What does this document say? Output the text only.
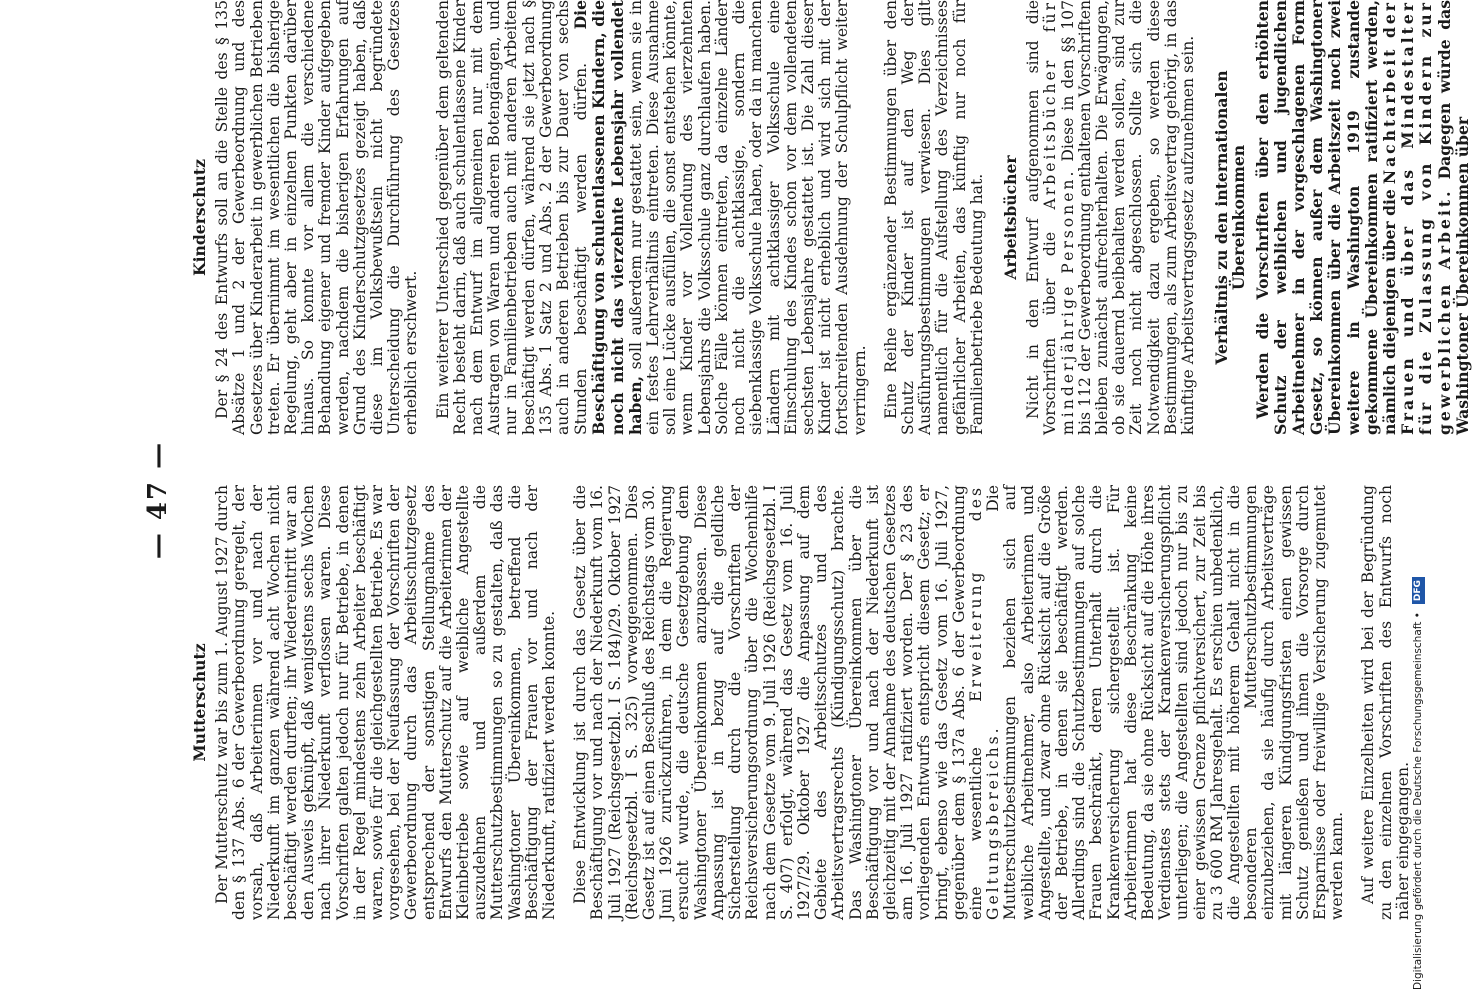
— 47 —
Mutterschutz Der Mutterschutz war bis zum 1. August 1927 durch den § 137 Abs. 6 der Gewerbeordnung geregelt, der vorsah, daß Arbeiterinnen vor und nach der Niederkunft im ganzen während acht Wochen nicht beschäftigt werden durften; ihr Wiedereintritt war an den Ausweis geknüpft, daß wenigstens sechs Wochen nach ihrer Niederkunft verflossen waren. Diese Vorschriften galten jedoch nur für Betriebe, in denen in der Regel mindestens zehn Arbeiter beschäftigt waren, sowie für die gleichgestellten Betriebe. Es war vorgesehen, bei der Neufassung der Vorschriften der Gewerbeordnung durch das Arbeitsschutzgesetz entsprechend der sonstigen Stellungnahme des Entwurfs den Mutterschutz auf die Arbeiterinnen der Kleinbetriebe sowie auf weibliche Angestellte auszudehnen und außerdem die Mutterschutzbestimmungen so zu gestalten, daß das Washingtoner Übereinkommen, betreffend die Beschäftigung der Frauen vor und nach der Niederkunft, ratifiziert werden konnte. Diese Entwicklung ist durch das Gesetz über die Beschäftigung vor und nach der Niederkunft vom 16. Juli 1927 (Reichsgesetzbl. I S. 184)/29. Oktober 1927 (Reichsgesetzbl. I S. 325) vorweggenommen. Dies Gesetz ist auf einen Beschluß des Reichstags vom 30. Juni 1926 zurückzuführen, in dem die Regierung ersucht wurde, die deutsche Gesetzgebung dem Washingtoner Übereinkommen anzupassen. Diese Anpassung ist in bezug auf die geldliche Sicherstellung durch die Vorschriften der Reichsversicherungsordnung über die Wochenhilfe nach dem Gesetze vom 9. Juli 1926 (Reichsgesetzbl. I S. 407) erfolgt, während das Gesetz vom 16. Juli 1927/29. Oktober 1927 die Anpassung auf dem Gebiete des Arbeitsschutzes und des Arbeitsvertragsrechts (Kündigungsschutz) brachte. Das Washingtoner Übereinkommen über die Beschäftigung vor und nach der Niederkunft ist gleichzeitig mit der Annahme des deutschen Gesetzes am 16. Juli 1927 ratifiziert worden. Der § 23 des vorliegenden Entwurfs entspricht diesem Gesetz; er bringt, ebenso wie das Gesetz vom 16. Juli 1927, gegenüber dem § 137a Abs. 6 der Gewerbeordnung eine wesentliche Erweiterung des Geltungsbereichs. Die Mutterschutzbestimmungen beziehen sich auf weibliche Arbeitnehmer, also Arbeiterinnen und Angestellte, und zwar ohne Rücksicht auf die Größe der Betriebe, in denen sie beschäftigt werden. Allerdings sind die Schutzbestimmungen auf solche Frauen beschränkt, deren Unterhalt durch die Krankenversicherung sichergestellt ist. Für Arbeiterinnen hat diese Beschränkung keine Bedeutung, da sie ohne Rücksicht auf die Höhe ihres Verdienstes stets der Krankenversicherungspflicht unterliegen; die Angestellten sind jedoch nur bis zu einer gewissen Grenze pflichtversichert, zur Zeit bis zu 3 600 RM Jahresgehalt. Es erschien unbedenklich, die Angestellten mit höherem Gehalt nicht in die besonderen Mutterschutzbestimmungen einzubeziehen, da sie häufig durch Arbeitsverträge mit längeren Kündigungsfristen einen gewissen Schutz genießen und ihnen die Vorsorge durch Ersparnisse oder freiwillige Versicherung zugemutet werden kann. Auf weitere Einzelheiten wird bei der Begründung zu den einzelnen Vorschriften des Entwurfs noch näher eingegangen.

Kinderschutz Der § 24 des Entwurfs soll an die Stelle des § 135 Absätze 1 und 2 der Gewerbeordnung und des Gesetzes über Kinderarbeit in gewerblichen Betrieben treten. Er übernimmt im wesentlichen die bisherige Regelung, geht aber in einzelnen Punkten darüber hinaus. So konnte vor allem die verschiedene Behandlung eigener und fremder Kinder aufgegeben werden, nachdem die bisherigen Erfahrungen auf Grund des Kinderschutzgesetzes gezeigt haben, daß diese im Volksbewußtsein nicht begründete Unterscheidung die Durchführung des Gesetzes erheblich erschwert. Ein weiterer Unterschied gegenüber dem geltenden Recht besteht darin, daß auch schulentlassene Kinder nach dem Entwurf im allgemeinen nur mit dem Austragen von Waren und anderen Botengängen, und nur in Familienbetrieben auch mit anderen Arbeiten beschäftigt werden dürfen, während sie jetzt nach § 135 Abs. 1 Satz 2 und Abs. 2 der Gewerbeordnung auch in anderen Betrieben bis zur Dauer von sechs Stunden beschäftigt werden dürfen. Die Beschäftigung von schulentlassenen Kindern, die noch nicht das vierzehnte Lebensjahr vollendet haben, soll außerdem nur gestattet sein, wenn sie in ein festes Lehrverhältnis eintreten. Diese Ausnahme soll eine Lücke ausfüllen, die sonst entstehen könnte, wenn Kinder vor Vollendung des vierzehnten Lebensjahrs die Volksschule ganz durchlaufen haben. Solche Fälle können eintreten, da einzelne Länder noch nicht die achtklassige, sondern die siebenklassige Volksschule haben, oder da in manchen Ländern mit achtklassiger Volksschule eine Einschulung des Kindes schon vor dem vollendeten sechsten Lebensjahre gestattet ist. Die Zahl dieser Kinder ist nicht erheblich und wird sich mit der fortschreitenden Ausdehnung der Schulpflicht weiter verringern. Eine Reihe ergänzender Bestimmungen über den Schutz der Kinder ist auf den Weg der Ausführungsbestimmungen verwiesen. Dies gilt namentlich für die Aufstellung des Verzeichnisses gefährlicher Arbeiten, das künftig nur noch für Familienbetriebe Bedeutung hat. Arbeitsbücher Nicht in den Entwurf aufgenommen sind die Vorschriften über die Arbeitsbücher für minderjährige Personen. Diese in den §§ 107 bis 112 der Gewerbeordnung enthaltenen Vorschriften bleiben zunächst aufrechterhalten. Die Erwägungen, ob sie dauernd beibehalten werden sollen, sind zur Zeit noch nicht abgeschlossen. Sollte sich die Notwendigkeit dazu ergeben, so werden diese Bestimmungen, als zum Arbeitsvertrag gehörig, in das künftige Arbeitsvertragsgesetz aufzunehmen sein. Verhältnis zu den internationalen Übereinkommen Werden die Vorschriften über den erhöhten Schutz der weiblichen und jugendlichen Arbeitnehmer in der vorgeschlagenen Form Gesetz, so können außer dem Washingtoner Übereinkommen über die Arbeitszeit noch zwei weitere in Washington 1919 zustande gekommene Übereinkommen ratifiziert werden, nämlich diejenigen über die Nachtarbeit der Frauen und über das Mindestalter für die Zulassung von Kindern zur gewerblichen Arbeit. Dagegen würde das Washingtoner Übereinkommen über

Digitalisierung gefördert durch die Deutsche Forschungsgemeinschaft •
DFG
